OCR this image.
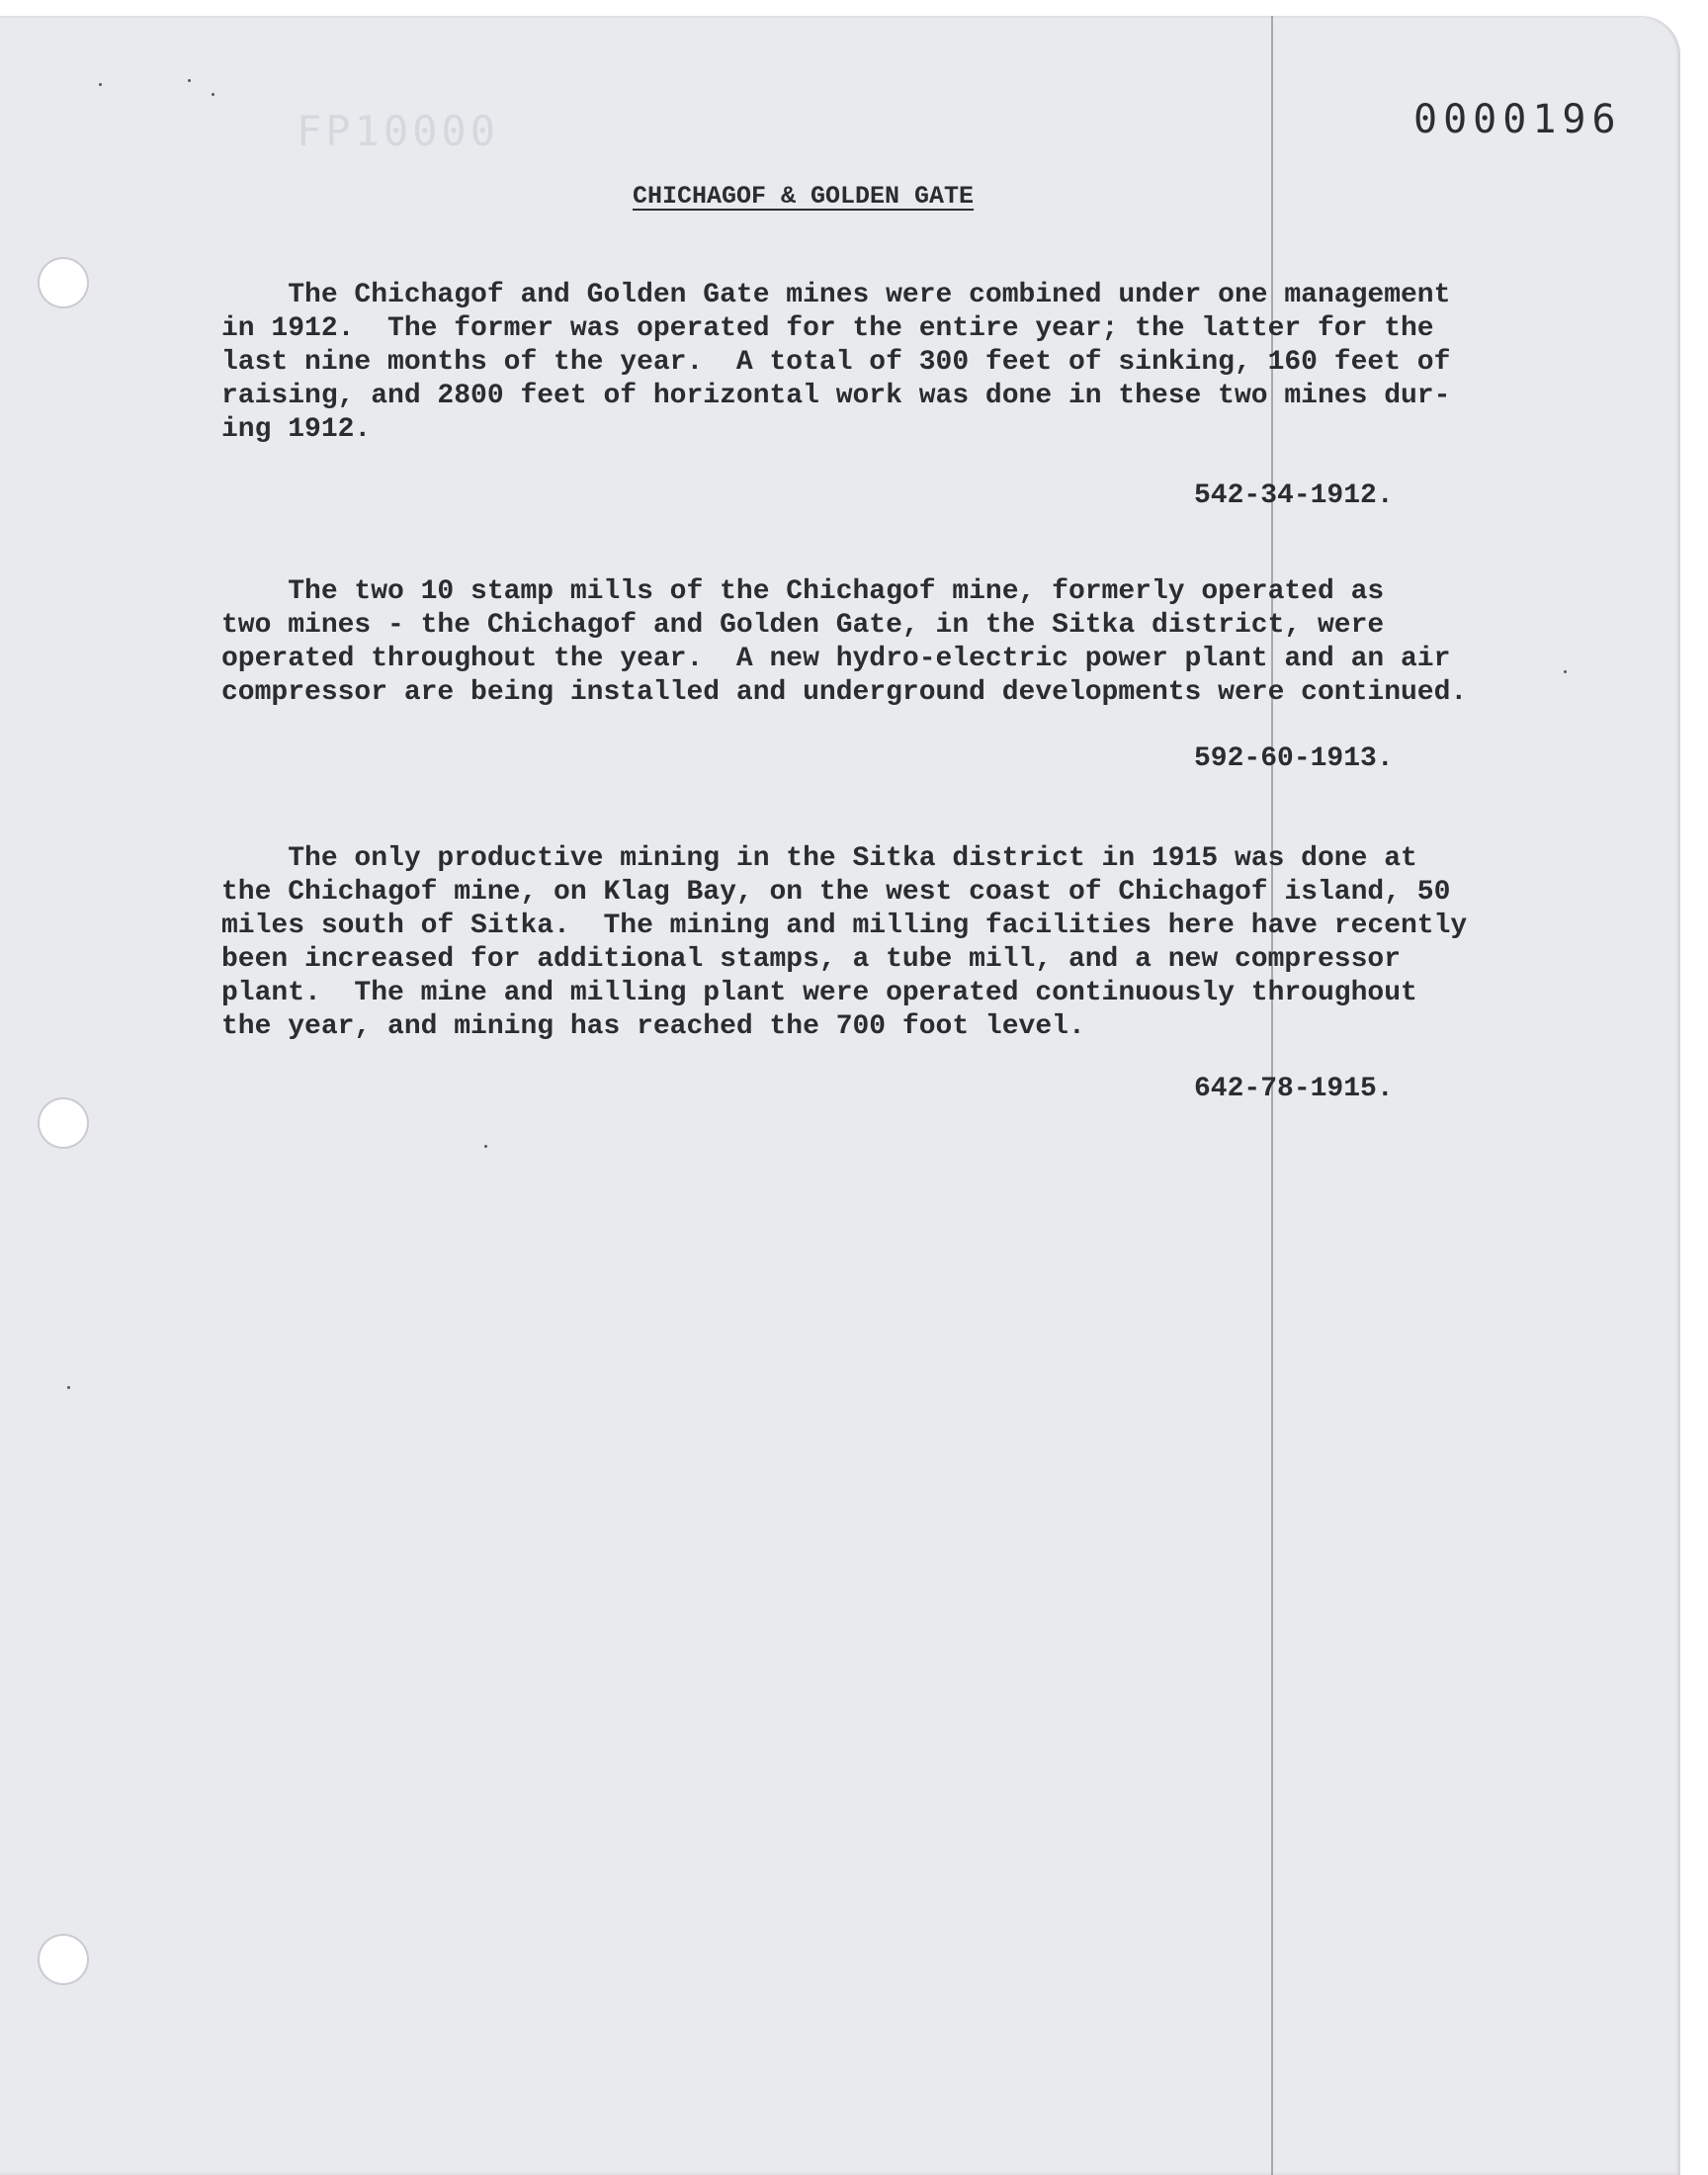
FP10000	0000196
CHICHAGOF & GOLDEN GATE
The Chichagof and Golden Gate mines were combined under one management
in 1912.  The former was operated for the entire year; the latter for the
last nine months of the year.  A total of 300 feet of sinking, 160 feet of
raising, and 2800 feet of horizontal work was done in these two mines dur-
ing 1912.
542-34-1912.
The two 10 stamp mills of the Chichagof mine, formerly operated as
two mines - the Chichagof and Golden Gate, in the Sitka district, were
operated throughout the year.  A new hydro-electric power plant and an air
compressor are being installed and underground developments were continued.
592-60-1913.
The only productive mining in the Sitka district in 1915 was done at
the Chichagof mine, on Klag Bay, on the west coast of Chichagof island, 50
miles south of Sitka.  The mining and milling facilities here have recently
been increased for additional stamps, a tube mill, and a new compressor
plant.  The mine and milling plant were operated continuously throughout
the year, and mining has reached the 700 foot level.
642-78-1915.
